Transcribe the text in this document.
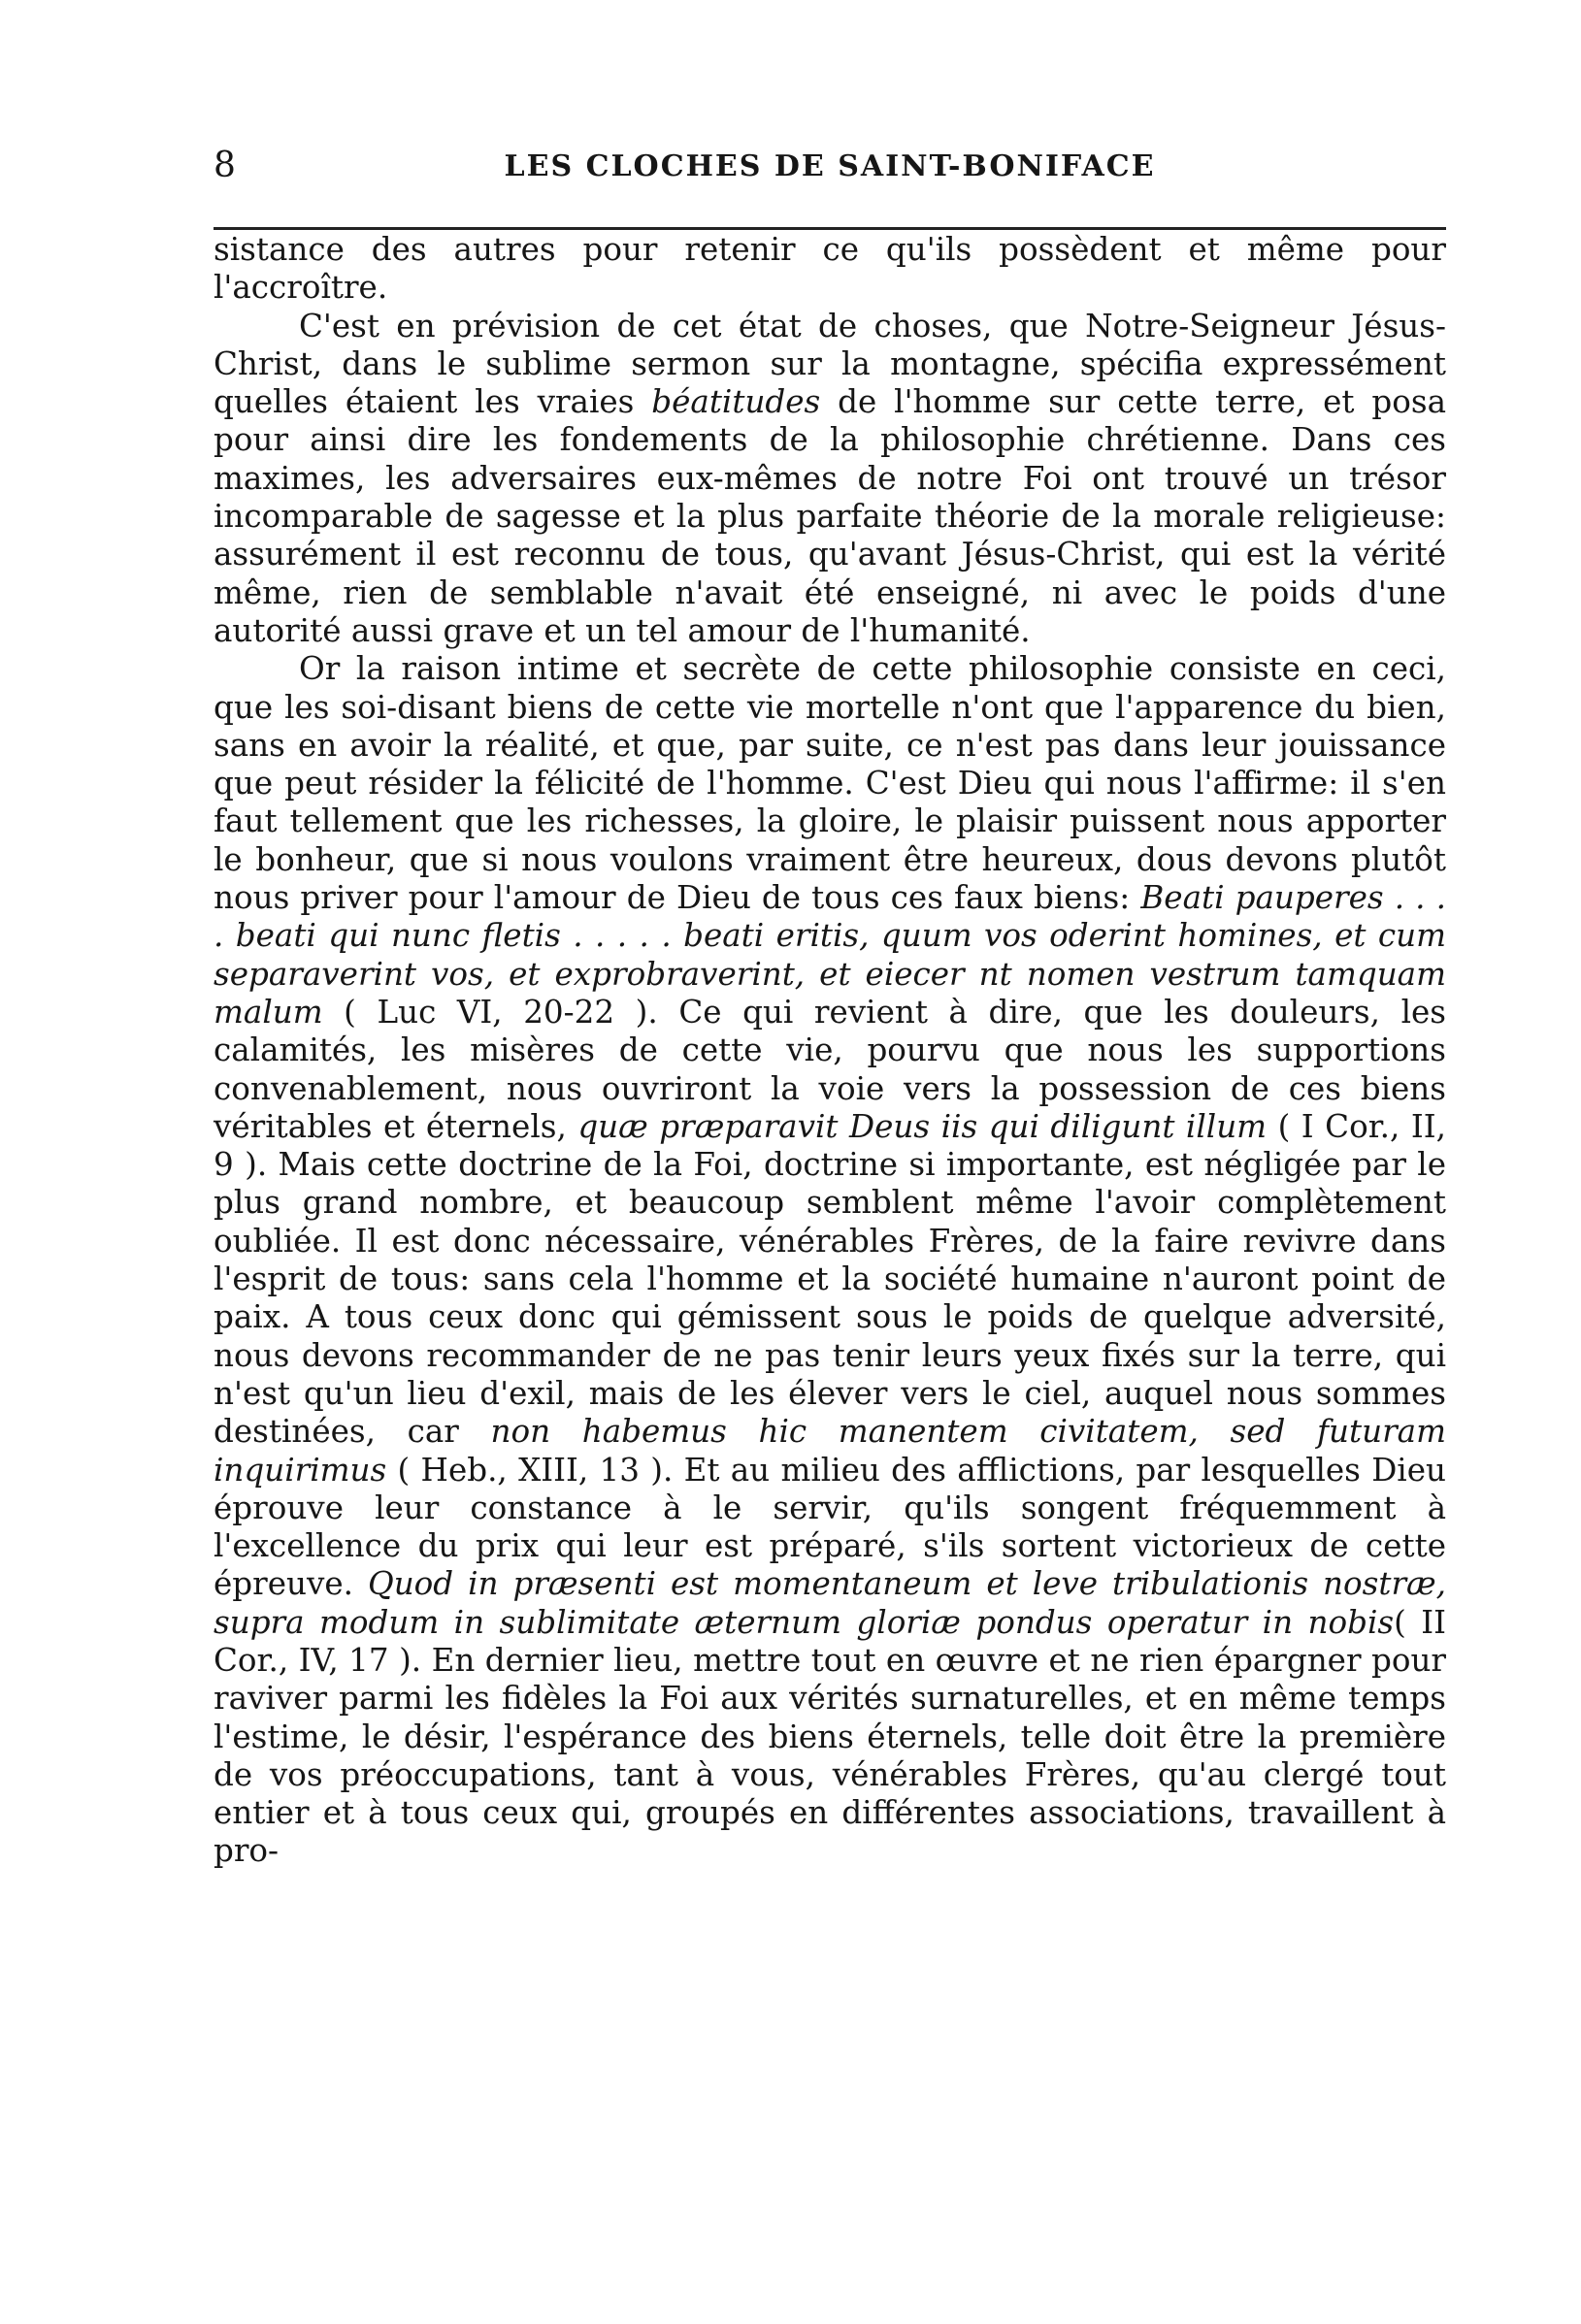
8	LES CLOCHES DE SAINT-BONIFACE

sistance des autres pour retenir ce qu'ils possèdent et même pour l'accroître.

C'est en prévision de cet état de choses, que Notre-Seigneur Jésus-Christ, dans le sublime sermon sur la montagne, spécifia expressément quelles étaient les vraies béatitudes de l'homme sur cette terre, et posa pour ainsi dire les fondements de la philosophie chrétienne. Dans ces maximes, les adversaires eux-mêmes de notre Foi ont trouvé un trésor incomparable de sagesse et la plus parfaite théorie de la morale religieuse: assurément il est reconnu de tous, qu'avant Jésus-Christ, qui est la vérité même, rien de semblable n'avait été enseigné, ni avec le poids d'une autorité aussi grave et un tel amour de l'humanité.

Or la raison intime et secrète de cette philosophie consiste en ceci, que les soi-disant biens de cette vie mortelle n'ont que l'apparence du bien, sans en avoir la réalité, et que, par suite, ce n'est pas dans leur jouissance que peut résider la félicité de l'homme. C'est Dieu qui nous l'affirme: il s'en faut tellement que les richesses, la gloire, le plaisir puissent nous apporter le bonheur, que si nous voulons vraiment être heureux, dous devons plutôt nous priver pour l'amour de Dieu de tous ces faux biens: Beati pauperes . . . . beati qui nunc fletis . . . . . beati eritis, quum vos oderint homines, et cum separaverint vos, et exprobraverint, et eiecer nt nomen vestrum tamquam malum ( Luc VI, 20-22 ). Ce qui revient à dire, que les douleurs, les calamités, les misères de cette vie, pourvu que nous les supportions convenablement, nous ouvriront la voie vers la possession de ces biens véritables et éternels, quæ præparavit Deus iis qui diligunt illum ( I Cor., II, 9 ). Mais cette doctrine de la Foi, doctrine si importante, est négligée par le plus grand nombre, et beaucoup semblent même l'avoir complètement oubliée. Il est donc nécessaire, vénérables Frères, de la faire revivre dans l'esprit de tous: sans cela l'homme et la société humaine n'auront point de paix. A tous ceux donc qui gémissent sous le poids de quelque adversité, nous devons recommander de ne pas tenir leurs yeux fixés sur la terre, qui n'est qu'un lieu d'exil, mais de les élever vers le ciel, auquel nous sommes destinées, car non habemus hic manentem civitatem, sed futuram inquirimus ( Heb., XIII, 13 ). Et au milieu des afflictions, par lesquelles Dieu éprouve leur constance à le servir, qu'ils songent fréquemment à l'excellence du prix qui leur est préparé, s'ils sortent victorieux de cette épreuve. Quod in præsenti est momentaneum et leve tribulationis nostræ, supra modum in sublimitate æternum gloriæ pondus operatur in nobis( II Cor., IV, 17 ). En dernier lieu, mettre tout en œuvre et ne rien épargner pour raviver parmi les fidèles la Foi aux vérités surnaturelles, et en même temps l'estime, le désir, l'espérance des biens éternels, telle doit être la première de vos préoccupations, tant à vous, vénérables Frères, qu'au clergé tout entier et à tous ceux qui, groupés en différentes associations, travaillent à pro-
